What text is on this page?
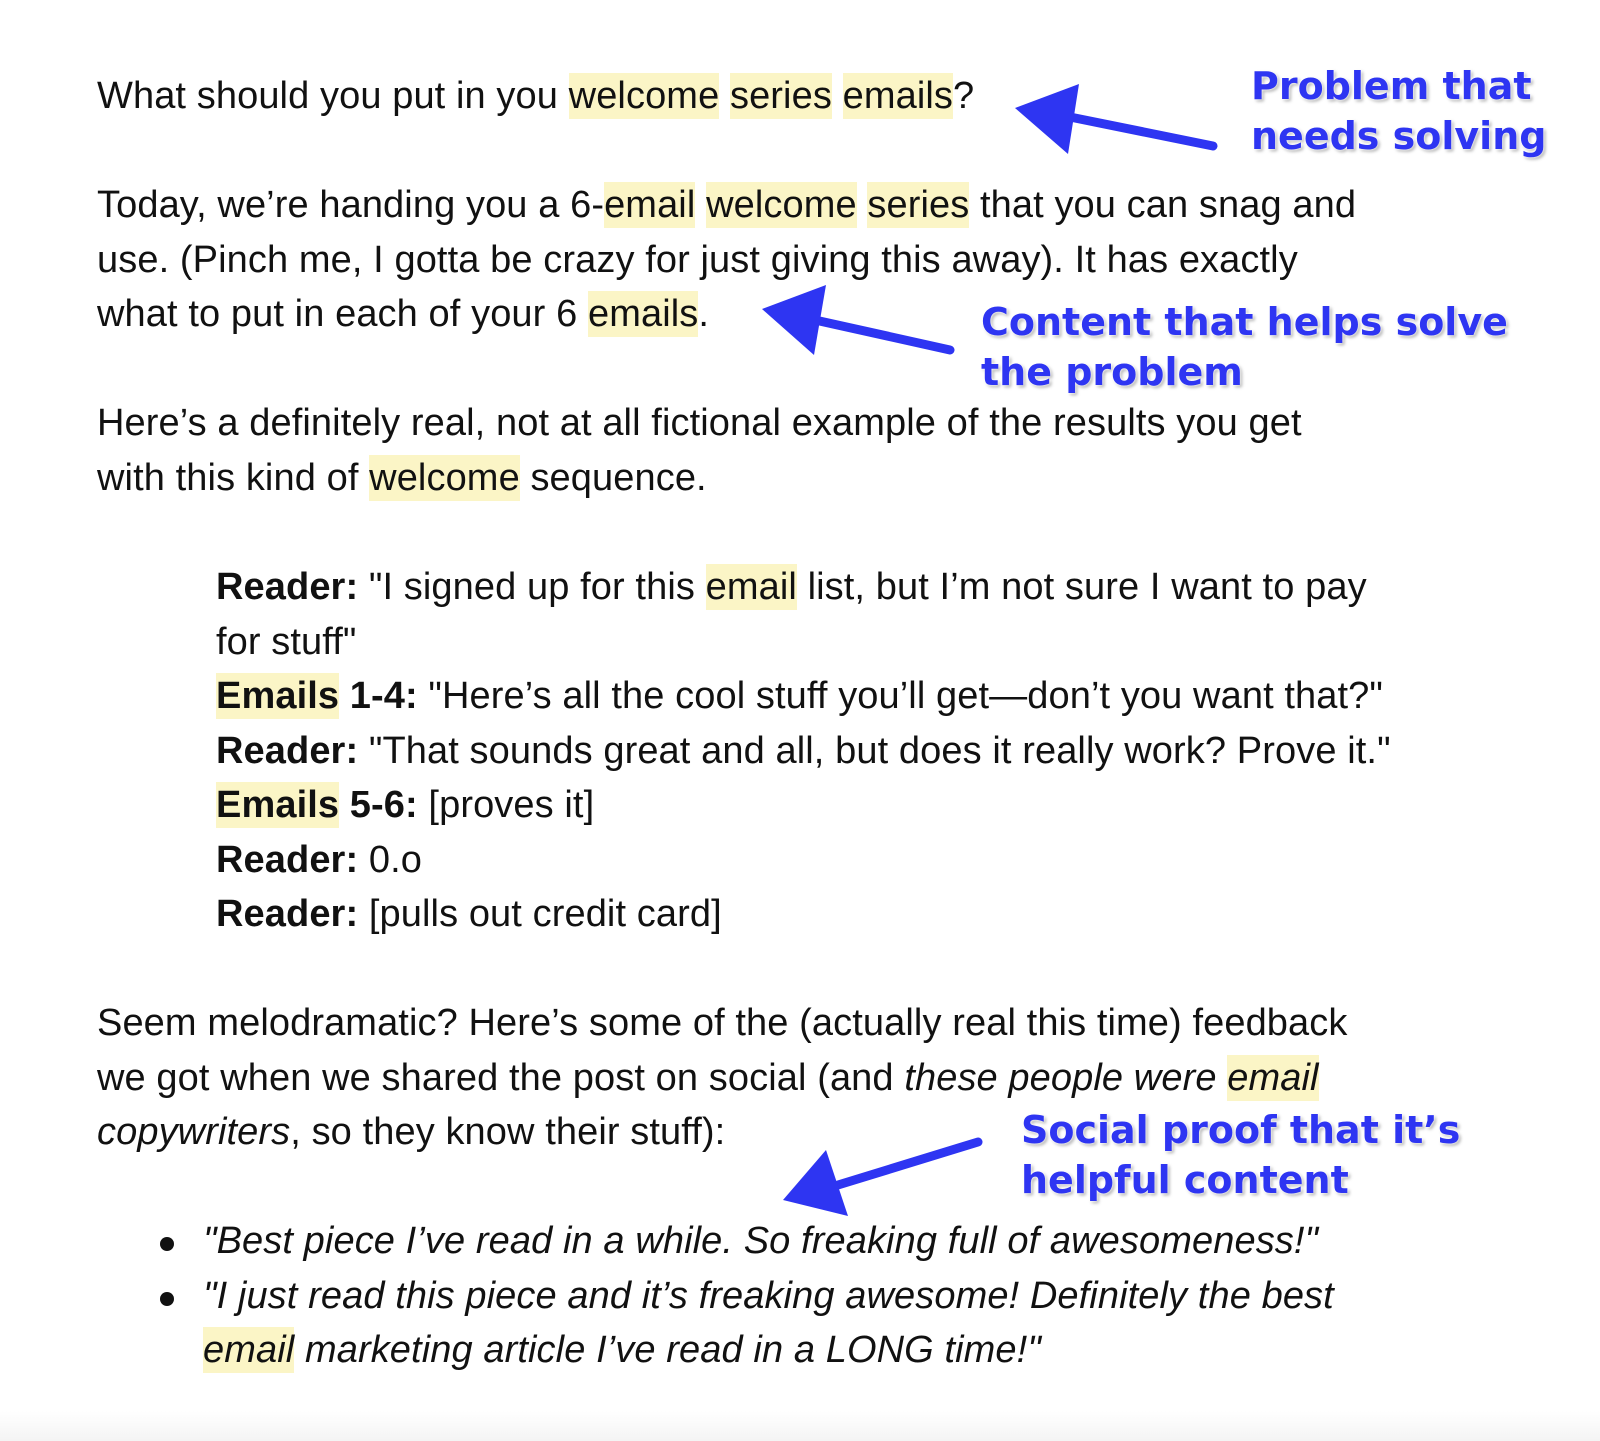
What should you put in you welcome series emails?
Today, we’re handing you a 6-email welcome series that you can snag and
use. (Pinch me, I gotta be crazy for just giving this away). It has exactly
what to put in each of your 6 emails.
Here’s a definitely real, not at all fictional example of the results you get
with this kind of welcome sequence.
Reader: "I signed up for this email list, but I’m not sure I want to pay
for stuff"
Emails 1-4: "Here’s all the cool stuff you’ll get—don’t you want that?"
Reader: "That sounds great and all, but does it really work? Prove it."
Emails 5-6: [proves it]
Reader: 0.o
Reader: [pulls out credit card]
Seem melodramatic? Here’s some of the (actually real this time) feedback
we got when we shared the post on social (and these people were email
copywriters, so they know their stuff):
"Best piece I’ve read in a while. So freaking full of awesomeness!"
"I just read this piece and it’s freaking awesome! Definitely the best
email marketing article I’ve read in a LONG time!"
Problem that
needs solving
Content that helps solve
the problem
Social proof that it’s
helpful content
